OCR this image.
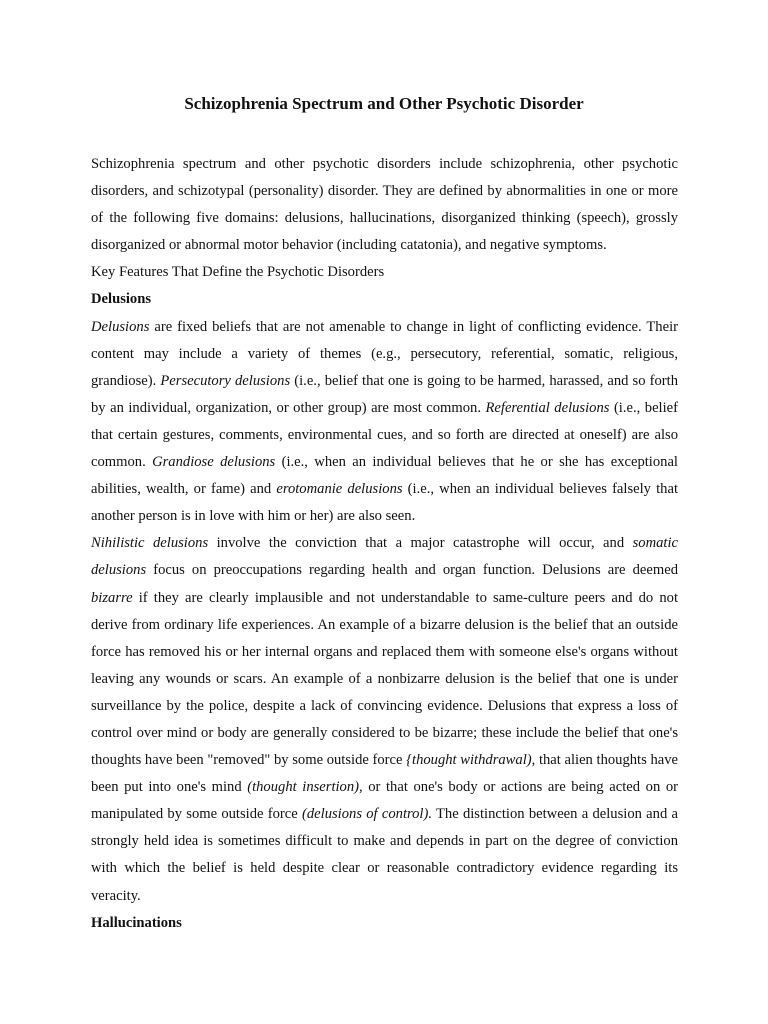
Schizophrenia Spectrum and Other Psychotic Disorder

Schizophrenia spectrum and other psychotic disorders include schizophrenia, other psychotic disorders, and schizotypal (personality) disorder. They are defined by abnormalities in one or more of the following five domains: delusions, hallucinations, disorganized thinking (speech), grossly disorganized or abnormal motor behavior (including catatonia), and negative symptoms.

Key Features That Define the Psychotic Disorders

Delusions

Delusions are fixed beliefs that are not amenable to change in light of conflicting evidence. Their content may include a variety of themes (e.g., persecutory, referential, somatic, religious, grandiose). Persecutory delusions (i.e., belief that one is going to be harmed, harassed, and so forth by an individual, organization, or other group) are most common. Referential delusions (i.e., belief that certain gestures, comments, environmental cues, and so forth are directed at oneself) are also common. Grandiose delusions (i.e., when an individual believes that he or she has exceptional abilities, wealth, or fame) and erotomanie delusions (i.e., when an individual believes falsely that another person is in love with him or her) are also seen.

Nihilistic delusions involve the conviction that a major catastrophe will occur, and somatic delusions focus on preoccupations regarding health and organ function. Delusions are deemed bizarre if they are clearly implausible and not understandable to same-culture peers and do not derive from ordinary life experiences. An example of a bizarre delusion is the belief that an outside force has removed his or her internal organs and replaced them with someone else's organs without leaving any wounds or scars. An example of a nonbizarre delusion is the belief that one is under surveillance by the police, despite a lack of convincing evidence. Delusions that express a loss of control over mind or body are generally considered to be bizarre; these include the belief that one's thoughts have been "removed" by some outside force {thought withdrawal), that alien thoughts have been put into one's mind (thought insertion), or that one's body or actions are being acted on or manipulated by some outside force (delusions of control). The distinction between a delusion and a strongly held idea is sometimes difficult to make and depends in part on the degree of conviction with which the belief is held despite clear or reasonable contradictory evidence regarding its veracity.

Hallucinations
